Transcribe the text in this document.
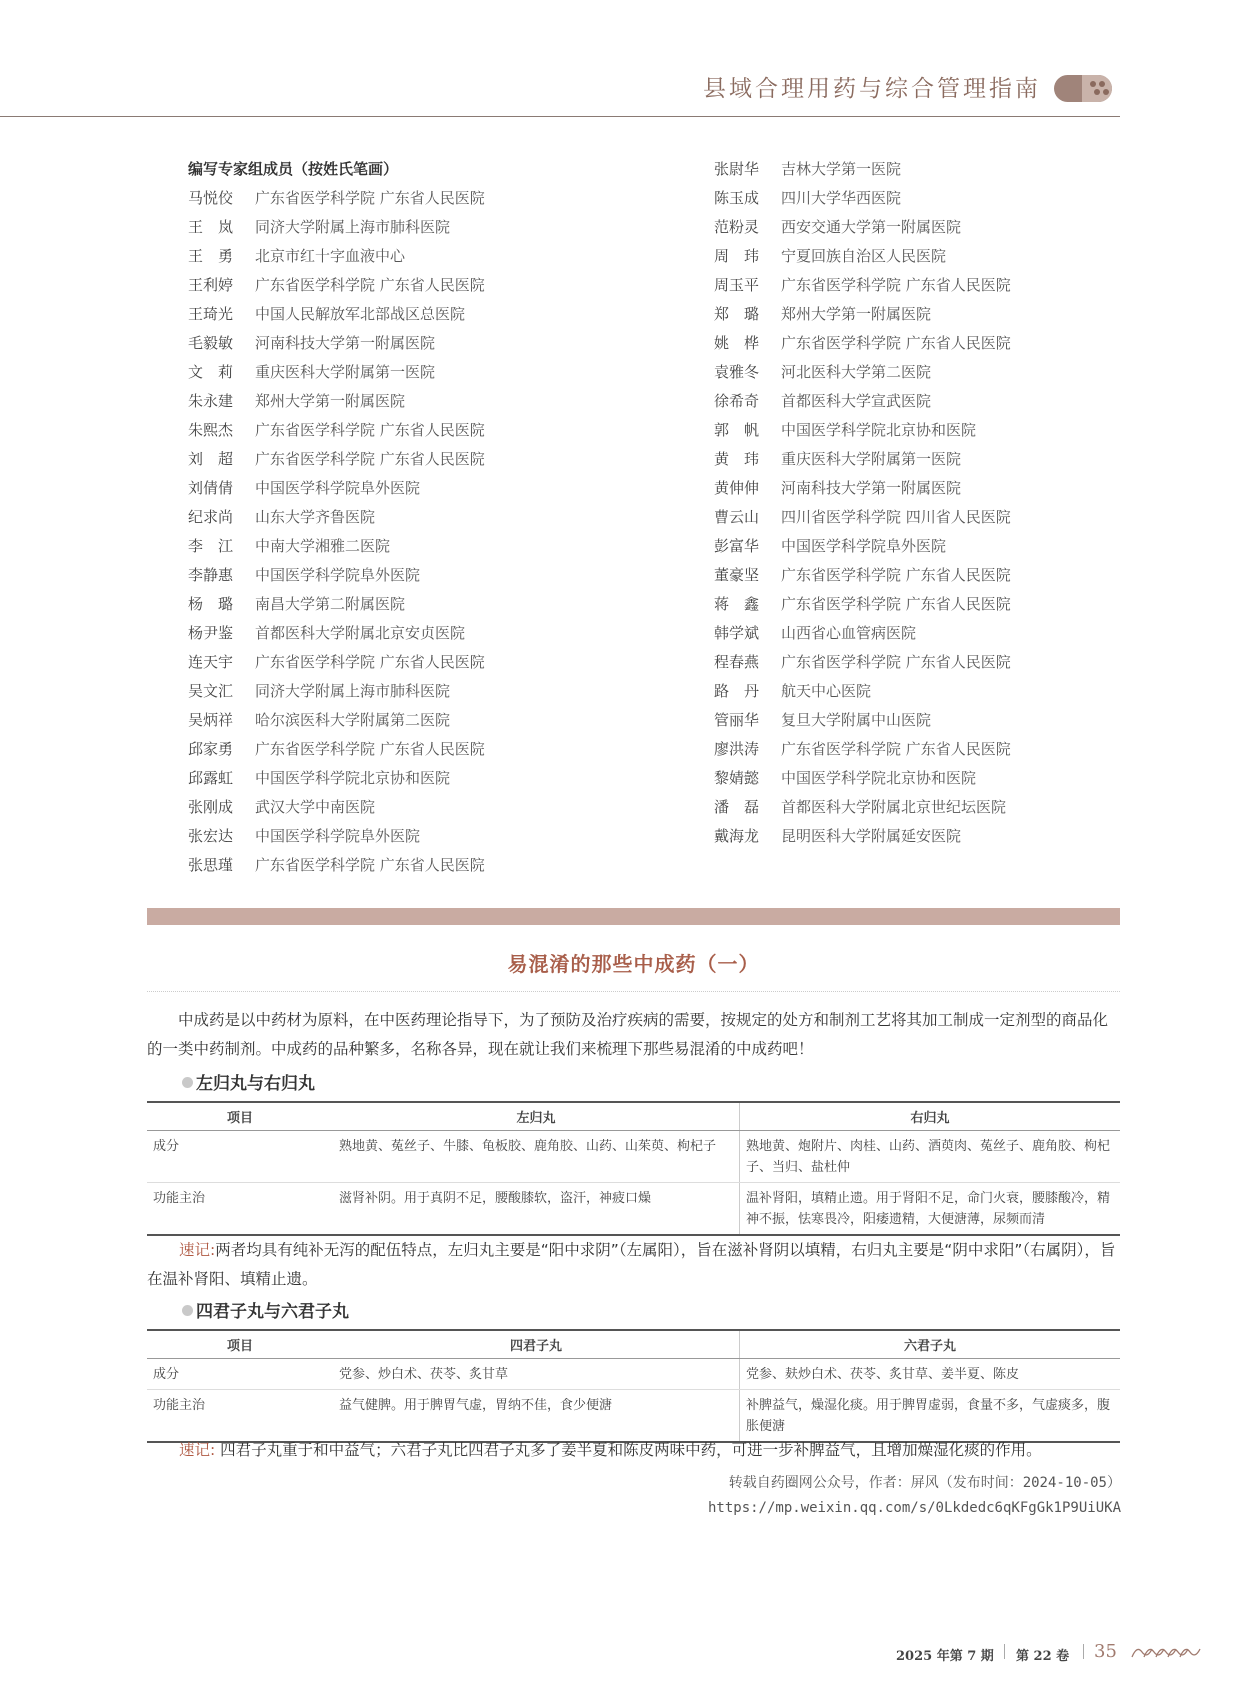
县域合理用药与综合管理指南
编写专家组成员（按姓氏笔画）
马悦佼 广东省医学科学院 广东省人民医院
王　岚 同济大学附属上海市肺科医院
王　勇 北京市红十字血液中心
王利婷 广东省医学科学院 广东省人民医院
王琦光 中国人民解放军北部战区总医院
毛毅敏 河南科技大学第一附属医院
文　莉 重庆医科大学附属第一医院
朱永建 郑州大学第一附属医院
朱熙杰 广东省医学科学院 广东省人民医院
刘　超 广东省医学科学院 广东省人民医院
刘倩倩 中国医学科学院阜外医院
纪求尚 山东大学齐鲁医院
李　江 中南大学湘雅二医院
李静惠 中国医学科学院阜外医院
杨　璐 南昌大学第二附属医院
杨尹鉴 首都医科大学附属北京安贞医院
连天宇 广东省医学科学院 广东省人民医院
吴文汇 同济大学附属上海市肺科医院
吴炳祥 哈尔滨医科大学附属第二医院
邱家勇 广东省医学科学院 广东省人民医院
邱露虹 中国医学科学院北京协和医院
张刚成 武汉大学中南医院
张宏达 中国医学科学院阜外医院
张思瑾 广东省医学科学院 广东省人民医院
张尉华 吉林大学第一医院
陈玉成 四川大学华西医院
范粉灵 西安交通大学第一附属医院
周　玮 宁夏回族自治区人民医院
周玉平 广东省医学科学院 广东省人民医院
郑　璐 郑州大学第一附属医院
姚　桦 广东省医学科学院 广东省人民医院
袁雅冬 河北医科大学第二医院
徐希奇 首都医科大学宣武医院
郭　帆 中国医学科学院北京协和医院
黄　玮 重庆医科大学附属第一医院
黄伸伸 河南科技大学第一附属医院
曹云山 四川省医学科学院 四川省人民医院
彭富华 中国医学科学院阜外医院
董豪坚 广东省医学科学院 广东省人民医院
蒋　鑫 广东省医学科学院 广东省人民医院
韩学斌 山西省心血管病医院
程春燕 广东省医学科学院 广东省人民医院
路　丹 航天中心医院
管丽华 复旦大学附属中山医院
廖洪涛 广东省医学科学院 广东省人民医院
黎婧懿 中国医学科学院北京协和医院
潘　磊 首都医科大学附属北京世纪坛医院
戴海龙 昆明医科大学附属延安医院
易混淆的那些中成药（一）
中成药是以中药材为原料，在中医药理论指导下，为了预防及治疗疾病的需要，按规定的处方和制剂工艺将其加工制成一定剂型的商品化的一类中药制剂。中成药的品种繁多，名称各异，现在就让我们来梳理下那些易混淆的中成药吧！
左归丸与右归丸
项目	左归丸	右归丸
成分	熟地黄、菟丝子、牛膝、龟板胶、鹿角胶、山药、山茱萸、枸杞子	熟地黄、炮附片、肉桂、山药、酒萸肉、菟丝子、鹿角胶、枸杞子、当归、盐杜仲
功能主治	滋肾补阴。用于真阴不足，腰酸膝软，盗汗，神疲口燥	温补肾阳，填精止遗。用于肾阳不足，命门火衰，腰膝酸冷，精神不振，怯寒畏冷，阳痿遗精，大便溏薄，尿频而清
速记:两者均具有纯补无泻的配伍特点，左归丸主要是“阳中求阴”（左属阳），旨在滋补肾阴以填精，右归丸主要是“阴中求阳”（右属阴），旨在温补肾阳、填精止遗。
四君子丸与六君子丸
项目	四君子丸	六君子丸
成分	党参、炒白术、茯苓、炙甘草	党参、麸炒白术、茯苓、炙甘草、姜半夏、陈皮
功能主治	益气健脾。用于脾胃气虚，胃纳不佳，食少便溏	补脾益气，燥湿化痰。用于脾胃虚弱，食量不多，气虚痰多，腹胀便溏
速记: 四君子丸重于和中益气；六君子丸比四君子丸多了姜半夏和陈皮两味中药，可进一步补脾益气，且增加燥湿化痰的作用。
转载自药圈网公众号，作者：屏风（发布时间：2024-10-05）
https://mp.weixin.qq.com/s/0Lkdedc6qKFgGk1P9UiUKA
2025 年第 7 期 第 22 卷 35
